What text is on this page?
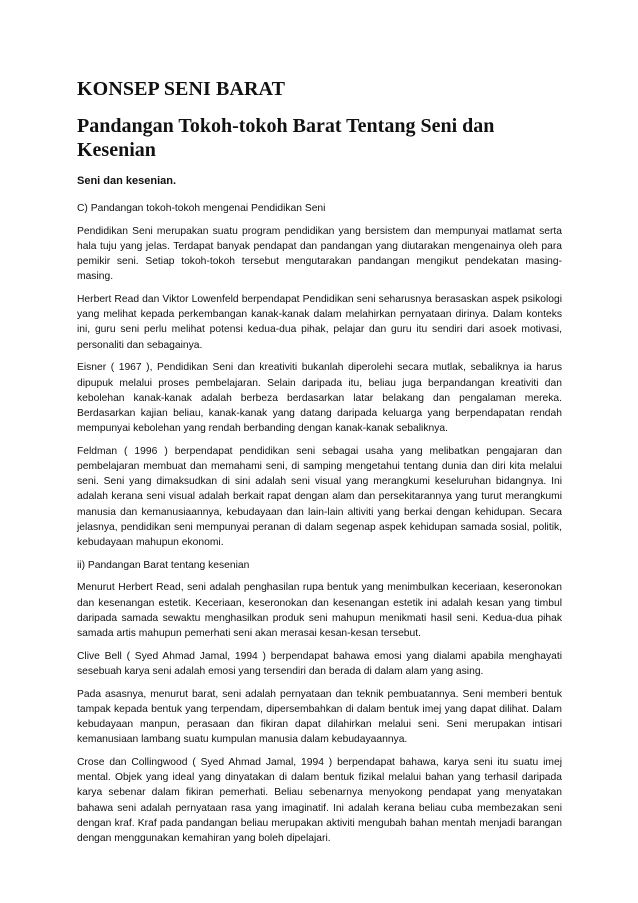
KONSEP SENI BARAT
Pandangan Tokoh-tokoh Barat Tentang Seni dan Kesenian
Seni dan kesenian.

C) Pandangan tokoh-tokoh mengenai Pendidikan Seni

Pendidikan Seni merupakan suatu program pendidikan yang bersistem dan mempunyai matlamat serta hala tuju yang jelas. Terdapat banyak pendapat dan pandangan yang diutarakan mengenainya oleh para pemikir seni. Setiap tokoh-tokoh tersebut mengutarakan pandangan mengikut pendekatan masing-masing.

Herbert Read dan Viktor Lowenfeld berpendapat Pendidikan seni seharusnya berasaskan aspek psikologi yang melihat kepada perkembangan kanak-kanak dalam melahirkan pernyataan dirinya. Dalam konteks ini, guru seni perlu melihat potensi kedua-dua pihak, pelajar dan guru itu sendiri dari asoek motivasi, personaliti dan sebagainya.

Eisner ( 1967 ), Pendidikan Seni dan kreativiti bukanlah diperolehi secara mutlak, sebaliknya ia harus dipupuk melalui proses pembelajaran. Selain daripada itu, beliau juga berpandangan kreativiti dan kebolehan kanak-kanak adalah berbeza berdasarkan latar belakang dan pengalaman mereka. Berdasarkan kajian beliau, kanak-kanak yang datang daripada keluarga yang berpendapatan rendah mempunyai kebolehan yang rendah berbanding dengan kanak-kanak sebaliknya.

Feldman ( 1996 ) berpendapat pendidikan seni sebagai usaha yang melibatkan pengajaran dan pembelajaran membuat dan memahami seni, di samping mengetahui tentang dunia dan diri kita melalui seni. Seni yang dimaksudkan di sini adalah seni visual yang merangkumi keseluruhan bidangnya. Ini adalah kerana seni visual adalah berkait rapat dengan alam dan persekitarannya yang turut merangkumi manusia dan kemanusiaannya, kebudayaan dan lain-lain altiviti yang berkai dengan kehidupan. Secara jelasnya, pendidikan seni mempunyai peranan di dalam segenap aspek kehidupan samada sosial, politik, kebudayaan mahupun ekonomi.

ii) Pandangan Barat tentang kesenian

Menurut Herbert Read, seni adalah penghasilan rupa bentuk yang menimbulkan keceriaan, keseronokan dan kesenangan estetik. Keceriaan, keseronokan dan kesenangan estetik ini adalah kesan yang timbul daripada samada sewaktu menghasilkan produk seni mahupun menikmati hasil seni. Kedua-dua pihak samada artis mahupun pemerhati seni akan merasai kesan-kesan tersebut.

Clive Bell ( Syed Ahmad Jamal, 1994 ) berpendapat bahawa emosi yang dialami apabila menghayati sesebuah karya seni adalah emosi yang tersendiri dan berada di dalam alam yang asing.

Pada asasnya, menurut barat, seni adalah pernyataan dan teknik pembuatannya. Seni memberi bentuk tampak kepada bentuk yang terpendam, dipersembahkan di dalam bentuk imej yang dapat dilihat. Dalam kebudayaan manpun, perasaan dan fikiran dapat dilahirkan melalui seni. Seni merupakan intisari kemanusiaan lambang suatu kumpulan manusia dalam kebudayaannya.

Crose dan Collingwood ( Syed Ahmad Jamal, 1994 ) berpendapat bahawa, karya seni itu suatu imej mental. Objek yang ideal yang dinyatakan di dalam bentuk fizikal melalui bahan yang terhasil daripada karya sebenar dalam fikiran pemerhati. Beliau sebenarnya menyokong pendapat yang menyatakan bahawa seni adalah pernyataan rasa yang imaginatif. Ini adalah kerana beliau cuba membezakan seni dengan kraf. Kraf pada pandangan beliau merupakan aktiviti mengubah bahan mentah menjadi barangan dengan menggunakan kemahiran yang boleh dipelajari.
